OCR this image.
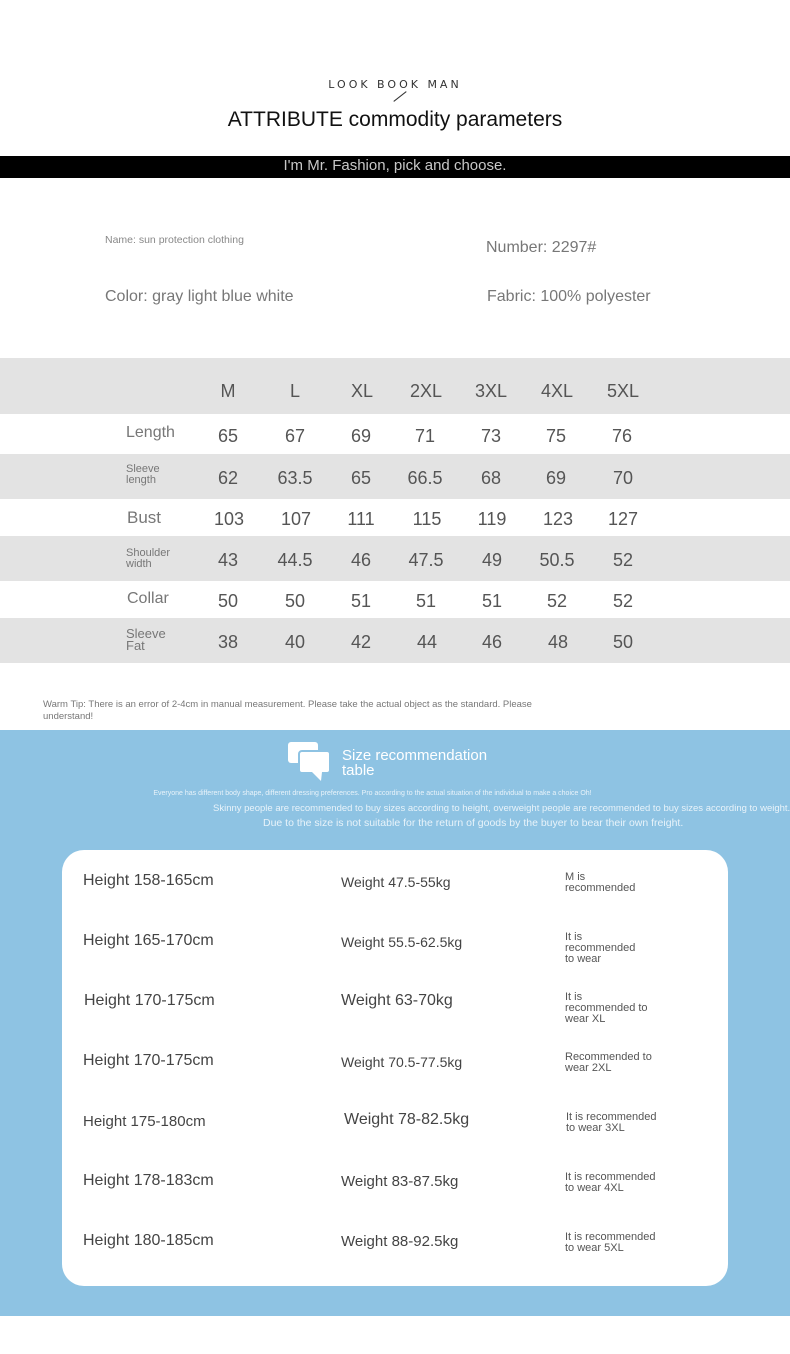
LOOK BOOK MAN
ATTRIBUTE commodity parameters
I'm Mr. Fashion, pick and choose.
Name: sun protection clothing	Number: 2297#
Color: gray light blue white	Fabric: 100% polyester
M	L	XL	2XL	3XL	4XL	5XL
Length	65	67	69	71	73	75	76
Sleeve length	62	63.5	65	66.5	68	69	70
Bust	103	107	111	115	119	123	127
Shoulder width	43	44.5	46	47.5	49	50.5	52
Collar	50	50	51	51	51	52	52
Sleeve Fat	38	40	42	44	46	48	50
Warm Tip: There is an error of 2-4cm in manual measurement. Please take the actual object as the standard. Please understand!
Size recommendation table
Everyone has different body shape, different dressing preferences. Pro according to the actual situation of the individual to make a choice Oh!
Skinny people are recommended to buy sizes according to height, overweight people are recommended to buy sizes according to weight.
Due to the size is not suitable for the return of goods by the buyer to bear their own freight.
Height 158-165cm	Weight 47.5-55kg	M is recommended
Height 165-170cm	Weight 55.5-62.5kg	It is recommended to wear
Height 170-175cm	Weight 63-70kg	It is recommended to wear XL
Height 170-175cm	Weight 70.5-77.5kg	Recommended to wear 2XL
Height 175-180cm	Weight 78-82.5kg	It is recommended to wear 3XL
Height 178-183cm	Weight 83-87.5kg	It is recommended to wear 4XL
Height 180-185cm	Weight 88-92.5kg	It is recommended to wear 5XL
